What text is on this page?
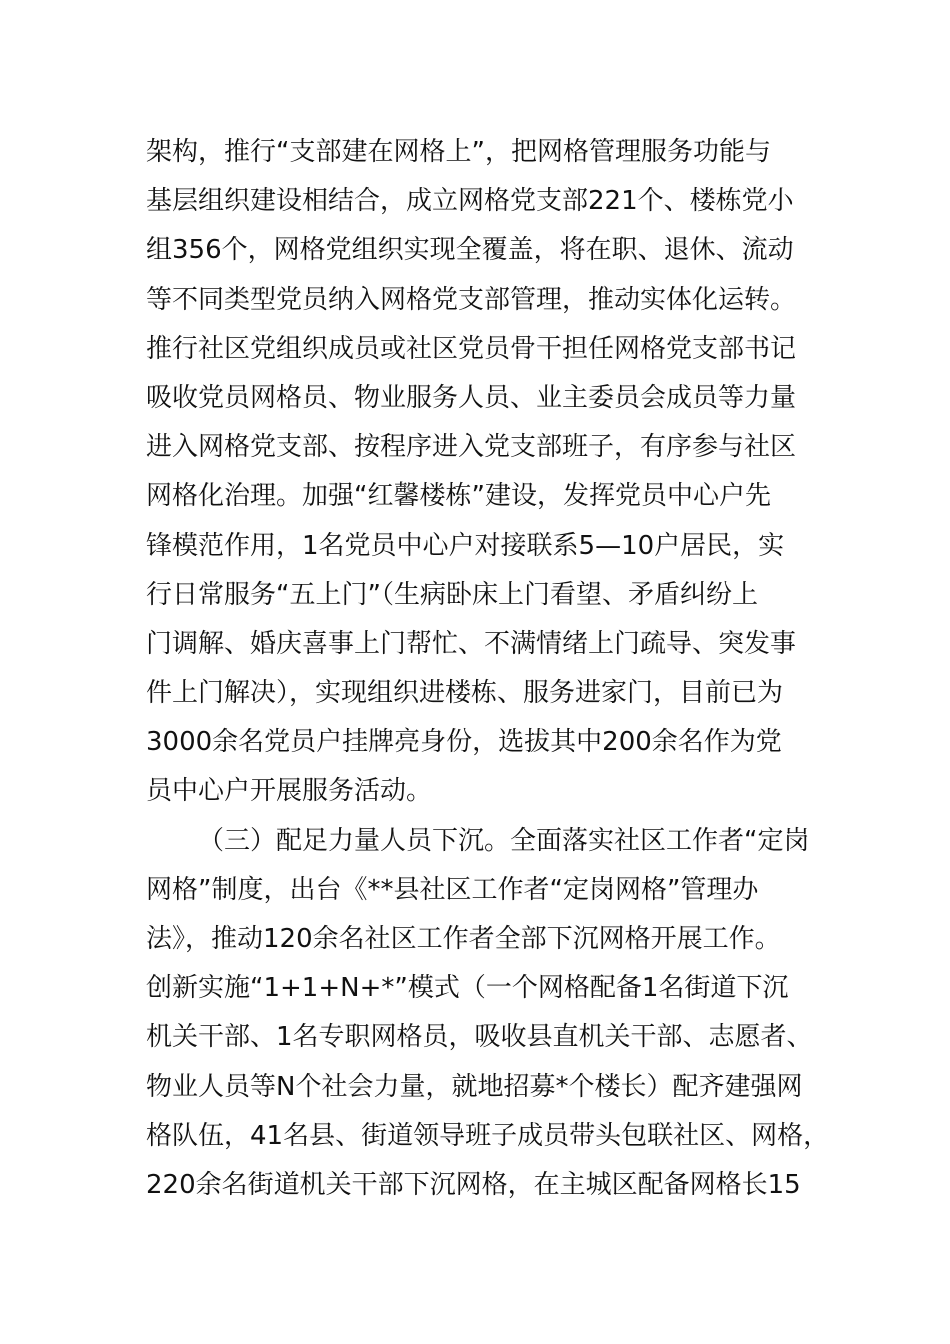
架构，推行“支部建在网格上”，把网格管理服务功能与
基层组织建设相结合，成立网格党支部221个、楼栋党小
组356个，网格党组织实现全覆盖，将在职、退休、流动
等不同类型党员纳入网格党支部管理，推动实体化运转。
推行社区党组织成员或社区党员骨干担任网格党支部书记
吸收党员网格员、物业服务人员、业主委员会成员等力量
进入网格党支部、按程序进入党支部班子，有序参与社区
网格化治理。加强“红馨楼栋”建设，发挥党员中心户先
锋模范作用，1名党员中心户对接联系5—10户居民，实
行日常服务“五上门”（生病卧床上门看望、矛盾纠纷上
门调解、婚庆喜事上门帮忙、不满情绪上门疏导、突发事
件上门解决），实现组织进楼栋、服务进家门，目前已为
3000余名党员户挂牌亮身份，选拔其中200余名作为党
员中心户开展服务活动。
（三）配足力量人员下沉。全面落实社区工作者“定岗
网格”制度，出台《**县社区工作者“定岗网格”管理办
法》，推动120余名社区工作者全部下沉网格开展工作。
创新实施“1+1+N+*”模式（一个网格配备1名街道下沉
机关干部、1名专职网格员，吸收县直机关干部、志愿者、
物业人员等N个社会力量，就地招募*个楼长）配齐建强网
格队伍，41名县、街道领导班子成员带头包联社区、网格，
220余名街道机关干部下沉网格，在主城区配备网格长15
